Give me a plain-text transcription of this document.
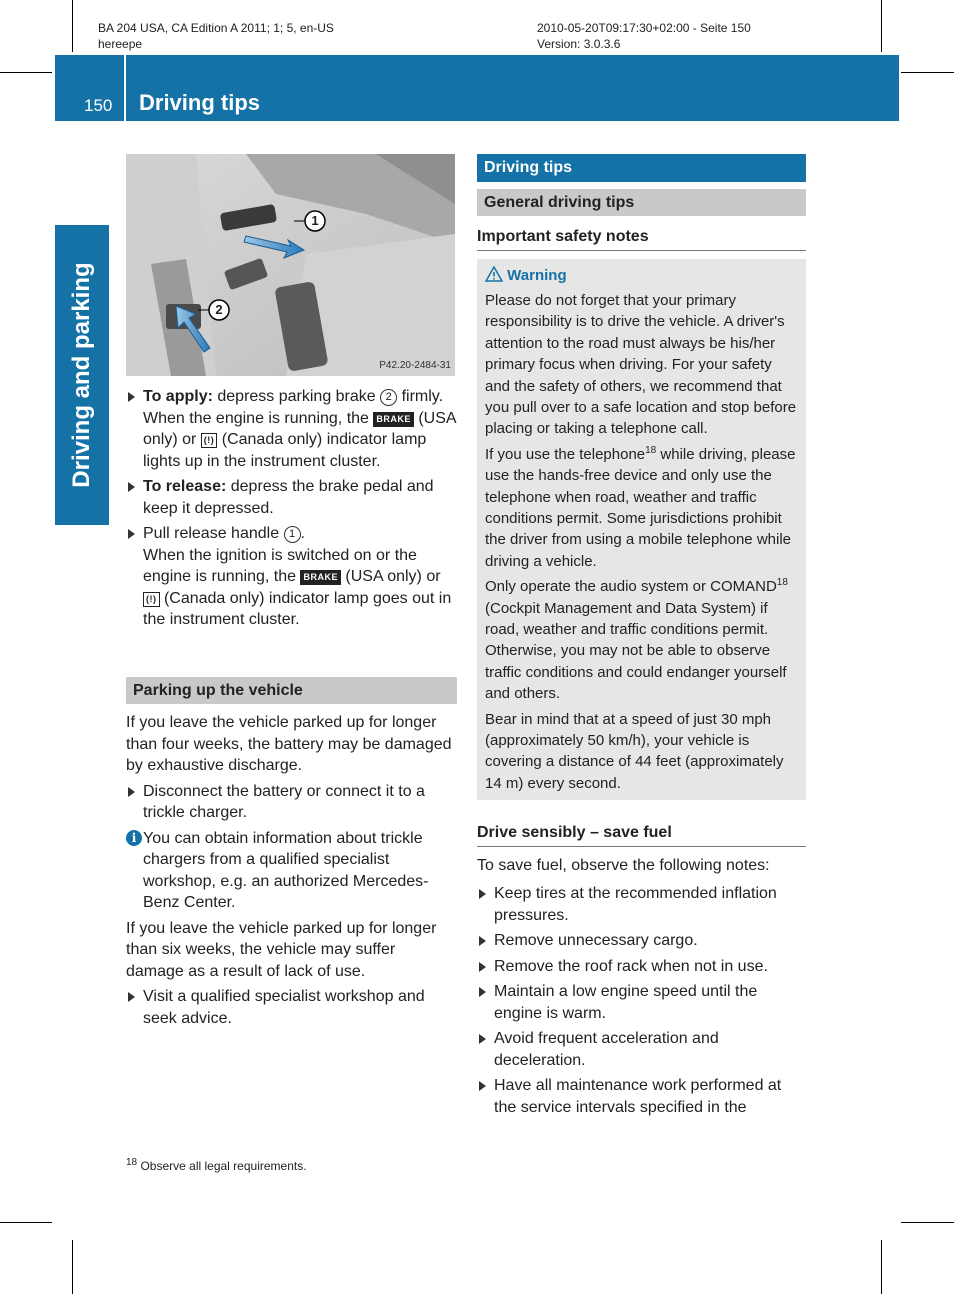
BA 204 USA, CA Edition A 2011; 1; 5, en-US
hereepe
2010-05-20T09:17:30+02:00 - Seite 150
Version: 3.0.3.6
150 Driving tips
Driving and parking
1
2
P42.20-2484-31
To apply: depress parking brake 2 firmly. When the engine is running, the BRAKE (USA only) or (!) (Canada only) indicator lamp lights up in the instrument cluster.
To release: depress the brake pedal and keep it depressed.
Pull release handle 1 .
When the ignition is switched on or the engine is running, the BRAKE (USA only) or (!) (Canada only) indicator lamp goes out in the instrument cluster.
Parking up the vehicle

If you leave the vehicle parked up for longer than four weeks, the battery may be damaged by exhaustive discharge.

Disconnect the battery or connect it to a trickle charger.
i You can obtain information about trickle chargers from a qualified specialist workshop, e.g. an authorized Mercedes-Benz Center.

If you leave the vehicle parked up for longer than six weeks, the vehicle may suffer damage as a result of lack of use.

Visit a qualified specialist workshop and seek advice.
Driving tips
General driving tips
Important safety notes
Warning

Please do not forget that your primary responsibility is to drive the vehicle. A driver's attention to the road must always be his/her primary focus when driving. For your safety and the safety of others, we recommend that you pull over to a safe location and stop before placing or taking a telephone call.

If you use the telephone$^{18}$ while driving, please use the hands-free device and only use the telephone when road, weather and traffic conditions permit. Some jurisdictions prohibit the driver from using a mobile telephone while driving a vehicle.

Only operate the audio system or COMAND$^{18}$ (Cockpit Management and Data System) if road, weather and traffic conditions permit. Otherwise, you may not be able to observe traffic conditions and could endanger yourself and others.

Bear in mind that at a speed of just 30 mph (approximately 50 km/h), your vehicle is covering a distance of 44 feet (approximately 14 m) every second.

Drive sensibly – save fuel

To save fuel, observe the following notes:

Keep tires at the recommended inflation pressures.
Remove unnecessary cargo.
Remove the roof rack when not in use.
Maintain a low engine speed until the engine is warm.
Avoid frequent acceleration and deceleration.
Have all maintenance work performed at the service intervals specified in the
$^{18}$ Observe all legal requirements.
